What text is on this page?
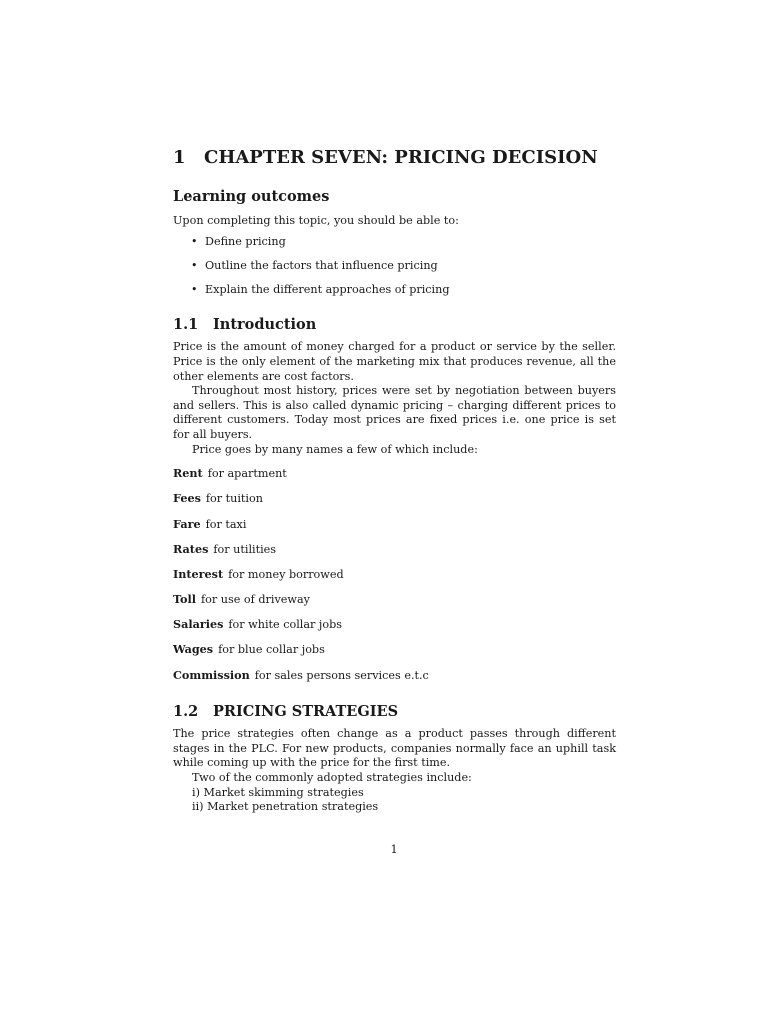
1 CHAPTER SEVEN: PRICING DECISION
Learning outcomes

Upon completing this topic, you should be able to:

• Define pricing
• Outline the factors that influence pricing
• Explain the different approaches of pricing
1.1 Introduction

Price is the amount of money charged for a product or service by the seller. Price is the only element of the marketing mix that produces revenue, all the other elements are cost factors.

Throughout most history, prices were set by negotiation between buyers and sellers. This is also called dynamic pricing – charging different prices to different customers. Today most prices are fixed prices i.e. one price is set for all buyers.

Price goes by many names a few of which include:

Rent for apartment
Fees for tuition
Fare for taxi
Rates for utilities
Interest for money borrowed
Toll for use of driveway
Salaries for white collar jobs
Wages for blue collar jobs
Commission for sales persons services e.t.c
1.2 PRICING STRATEGIES

The price strategies often change as a product passes through different stages in the PLC. For new products, companies normally face an uphill task while coming up with the price for the first time.

Two of the commonly adopted strategies include:

i) Market skimming strategies
ii) Market penetration strategies

1
